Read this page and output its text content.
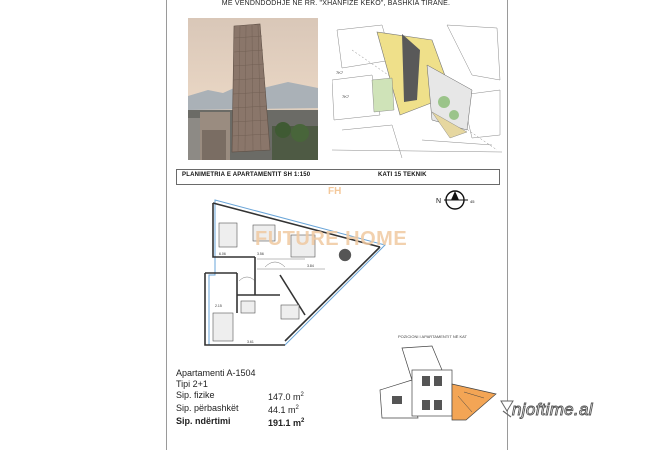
ME VENDNDODHJE NË RR. "XHANFIZE KEKO", BASHKIA TIRANË.
7K7
7K7
PLANIMETRIA E APARTAMENTIT SH 1:150	KATI 15 TEKNIK
N	45
6.06	3.56
3.84
2.15
3.61
FH
FUTURE HOME
Apartamenti A-1504
Tipi 2+1
Sip. fizike	147.0 $m^2$
Sip. përbashkët	44.1 $m^2$
Sip. ndërtimi	191.1 $m^2$
POZICIONI I APARTAMENTIT NË KAT
njoftime.al
